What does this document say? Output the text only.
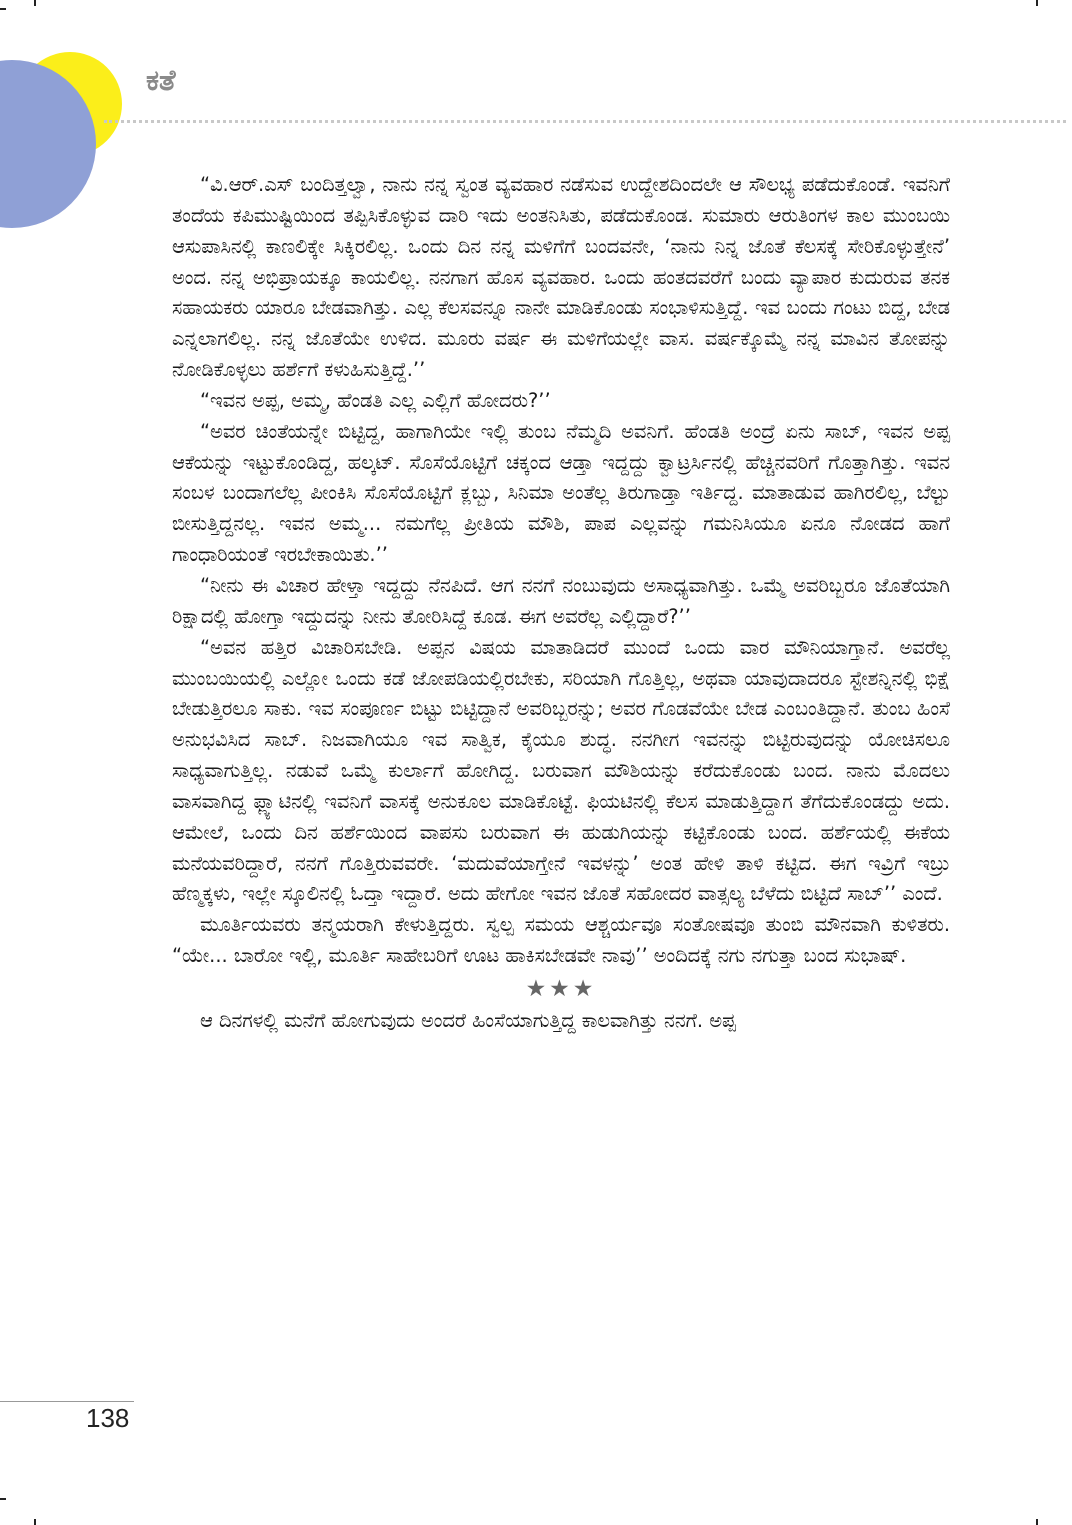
ಕತೆ

“ವಿ.ಆರ್.ಎಸ್ ಬಂದಿತ್ತಲ್ವಾ, ನಾನು ನನ್ನ ಸ್ವಂತ ವ್ಯವಹಾರ ನಡೆಸುವ ಉದ್ದೇಶದಿಂದಲೇ ಆ ಸೌಲಭ್ಯ ಪಡೆದುಕೊಂಡೆ. ಇವನಿಗೆ ತಂದೆಯ ಕಪಿಮುಷ್ಟಿಯಿಂದ ತಪ್ಪಿಸಿಕೊಳ್ಳುವ ದಾರಿ ಇದು ಅಂತನಿಸಿತು, ಪಡೆದುಕೊಂಡ. ಸುಮಾರು ಆರುತಿಂಗಳ ಕಾಲ ಮುಂಬಯಿ ಆಸುಪಾಸಿನಲ್ಲಿ ಕಾಣಲಿಕ್ಕೇ ಸಿಕ್ಕಿರಲಿಲ್ಲ. ಒಂದು ದಿನ ನನ್ನ ಮಳಿಗೆಗೆ ಬಂದವನೇ, ‘ನಾನು ನಿನ್ನ ಜೊತೆ ಕೆಲಸಕ್ಕೆ ಸೇರಿಕೊಳ್ಳುತ್ತೇನೆ’ ಅಂದ. ನನ್ನ ಅಭಿಪ್ರಾಯಕ್ಕೂ ಕಾಯಲಿಲ್ಲ. ನನಗಾಗ ಹೊಸ ವ್ಯವಹಾರ. ಒಂದು ಹಂತದವರೆಗೆ ಬಂದು ವ್ಯಾಪಾರ ಕುದುರುವ ತನಕ ಸಹಾಯಕರು ಯಾರೂ ಬೇಡವಾಗಿತ್ತು. ಎಲ್ಲ ಕೆಲಸವನ್ನೂ ನಾನೇ ಮಾಡಿಕೊಂಡು ಸಂಭಾಳಿಸುತ್ತಿದ್ದೆ. ಇವ ಬಂದು ಗಂಟು ಬಿದ್ದ, ಬೇಡ ಎನ್ನಲಾಗಲಿಲ್ಲ. ನನ್ನ ಜೊತೆಯೇ ಉಳಿದ. ಮೂರು ವರ್ಷ ಈ ಮಳಿಗೆಯಲ್ಲೇ ವಾಸ. ವರ್ಷಕ್ಕೊಮ್ಮೆ ನನ್ನ ಮಾವಿನ ತೋಪನ್ನು ನೋಡಿಕೊಳ್ಳಲು ಹರ್ಶೆಗೆ ಕಳುಹಿಸುತ್ತಿದ್ದೆ.’’

“ಇವನ ಅಪ್ಪ, ಅಮ್ಮ, ಹೆಂಡತಿ ಎಲ್ಲ ಎಲ್ಲಿಗೆ ಹೋದರು?’’

“ಅವರ ಚಿಂತೆಯನ್ನೇ ಬಿಟ್ಟಿದ್ದ, ಹಾಗಾಗಿಯೇ ಇಲ್ಲಿ ತುಂಬ ನೆಮ್ಮದಿ ಅವನಿಗೆ. ಹೆಂಡತಿ ಅಂದ್ರೆ ಏನು ಸಾಬ್, ಇವನ ಅಪ್ಪ ಆಕೆಯನ್ನು ಇಟ್ಟುಕೊಂಡಿದ್ದ, ಹಲ್ಕಟ್. ಸೊಸೆಯೊಟ್ಟಿಗೆ ಚಕ್ಕಂದ ಆಡ್ತಾ ಇದ್ದದ್ದು ಕ್ವಾಟ್ರರ್ಸಿನಲ್ಲಿ ಹೆಚ್ಚಿನವರಿಗೆ ಗೊತ್ತಾಗಿತ್ತು. ಇವನ ಸಂಬಳ ಬಂದಾಗಲೆಲ್ಲ ಪೀಂಕಿಸಿ ಸೊಸೆಯೊಟ್ಟಿಗೆ ಕ್ಲಬ್ಬು, ಸಿನಿಮಾ ಅಂತೆಲ್ಲ ತಿರುಗಾಡ್ತಾ ಇರ್ತಿದ್ದ. ಮಾತಾಡುವ ಹಾಗಿರಲಿಲ್ಲ, ಬೆಲ್ಟು ಬೀಸುತ್ತಿದ್ದನಲ್ಲ. ಇವನ ಅಮ್ಮ... ನಮಗೆಲ್ಲ ಪ್ರೀತಿಯ ಮೌಶಿ, ಪಾಪ ಎಲ್ಲವನ್ನು ಗಮನಿಸಿಯೂ ಏನೂ ನೋಡದ ಹಾಗೆ ಗಾಂಧಾರಿಯಂತೆ ಇರಬೇಕಾಯಿತು.’’

“ನೀನು ಈ ವಿಚಾರ ಹೇಳ್ತಾ ಇದ್ದದ್ದು ನೆನಪಿದೆ. ಆಗ ನನಗೆ ನಂಬುವುದು ಅಸಾಧ್ಯವಾಗಿತ್ತು. ಒಮ್ಮೆ ಅವರಿಬ್ಬರೂ ಜೊತೆಯಾಗಿ ರಿಕ್ಷಾದಲ್ಲಿ ಹೋಗ್ತಾ ಇದ್ದುದನ್ನು ನೀನು ತೋರಿಸಿದ್ದೆ ಕೂಡ. ಈಗ ಅವರೆಲ್ಲ ಎಲ್ಲಿದ್ದಾರೆ?’’

“ಅವನ ಹತ್ತಿರ ವಿಚಾರಿಸಬೇಡಿ. ಅಪ್ಪನ ವಿಷಯ ಮಾತಾಡಿದರೆ ಮುಂದೆ ಒಂದು ವಾರ ಮೌನಿಯಾಗ್ತಾನೆ. ಅವರೆಲ್ಲ ಮುಂಬಯಿಯಲ್ಲಿ ಎಲ್ಲೋ ಒಂದು ಕಡೆ ಜೋಪಡಿಯಲ್ಲಿರಬೇಕು, ಸರಿಯಾಗಿ ಗೊತ್ತಿಲ್ಲ, ಅಥವಾ ಯಾವುದಾದರೂ ಸ್ಟೇಶನ್ನಿನಲ್ಲಿ ಭಿಕ್ಷೆ ಬೇಡುತ್ತಿರಲೂ ಸಾಕು. ಇವ ಸಂಪೂರ್ಣ ಬಿಟ್ಟು ಬಿಟ್ಟಿದ್ದಾನೆ ಅವರಿಬ್ಬರನ್ನು; ಅವರ ಗೊಡವೆಯೇ ಬೇಡ ಎಂಬಂತಿದ್ದಾನೆ. ತುಂಬ ಹಿಂಸೆ ಅನುಭವಿಸಿದ ಸಾಬ್. ನಿಜವಾಗಿಯೂ ಇವ ಸಾತ್ವಿಕ, ಕೈಯೂ ಶುದ್ಧ. ನನಗೀಗ ಇವನನ್ನು ಬಿಟ್ಟಿರುವುದನ್ನು ಯೋಚಿಸಲೂ ಸಾಧ್ಯವಾಗುತ್ತಿಲ್ಲ. ನಡುವೆ ಒಮ್ಮೆ ಕುರ್ಲಾಗೆ ಹೋಗಿದ್ದ. ಬರುವಾಗ ಮೌಶಿಯನ್ನು ಕರೆದುಕೊಂಡು ಬಂದ. ನಾನು ಮೊದಲು ವಾಸವಾಗಿದ್ದ ಫ್ಲ್ಯಾಟಿನಲ್ಲಿ ಇವನಿಗೆ ವಾಸಕ್ಕೆ ಅನುಕೂಲ ಮಾಡಿಕೊಟ್ಟೆ. ಫಿಯಟಿನಲ್ಲಿ ಕೆಲಸ ಮಾಡುತ್ತಿದ್ದಾಗ ತೆಗೆದುಕೊಂಡದ್ದು ಅದು. ಆಮೇಲೆ, ಒಂದು ದಿನ ಹರ್ಶೆಯಿಂದ ವಾಪಸು ಬರುವಾಗ ಈ ಹುಡುಗಿಯನ್ನು ಕಟ್ಟಿಕೊಂಡು ಬಂದ. ಹರ್ಶೆಯಲ್ಲಿ ಈಕೆಯ ಮನೆಯವರಿದ್ದಾರೆ, ನನಗೆ ಗೊತ್ತಿರುವವರೇ. ‘ಮದುವೆಯಾಗ್ತೇನೆ ಇವಳನ್ನು’ ಅಂತ ಹೇಳಿ ತಾಳಿ ಕಟ್ಟಿದ. ಈಗ ಇವ್ರಿಗೆ ಇಬ್ರು ಹೆಣ್ಮಕ್ಕಳು, ಇಲ್ಲೇ ಸ್ಕೂಲಿನಲ್ಲಿ ಓದ್ತಾ ಇದ್ದಾರೆ. ಅದು ಹೇಗೋ ಇವನ ಜೊತೆ ಸಹೋದರ ವಾತ್ಸಲ್ಯ ಬೆಳೆದು ಬಿಟ್ಟಿದೆ ಸಾಬ್’’ ಎಂದೆ.

ಮೂರ್ತಿಯವರು ತನ್ಮಯರಾಗಿ ಕೇಳುತ್ತಿದ್ದರು. ಸ್ವಲ್ಪ ಸಮಯ ಆಶ್ಚರ್ಯವೂ ಸಂತೋಷವೂ ತುಂಬಿ ಮೌನವಾಗಿ ಕುಳಿತರು. “ಯೇ... ಬಾರೋ ಇಲ್ಲಿ, ಮೂರ್ತಿ ಸಾಹೇಬರಿಗೆ ಊಟ ಹಾಕಿಸಬೇಡವೇ ನಾವು’’ ಅಂದಿದಕ್ಕೆ ನಗು ನಗುತ್ತಾ ಬಂದ ಸುಭಾಷ್.

★★★

ಆ ದಿನಗಳಲ್ಲಿ ಮನೆಗೆ ಹೋಗುವುದು ಅಂದರೆ ಹಿಂಸೆಯಾಗುತ್ತಿದ್ದ ಕಾಲವಾಗಿತ್ತು ನನಗೆ. ಅಪ್ಪ

138
